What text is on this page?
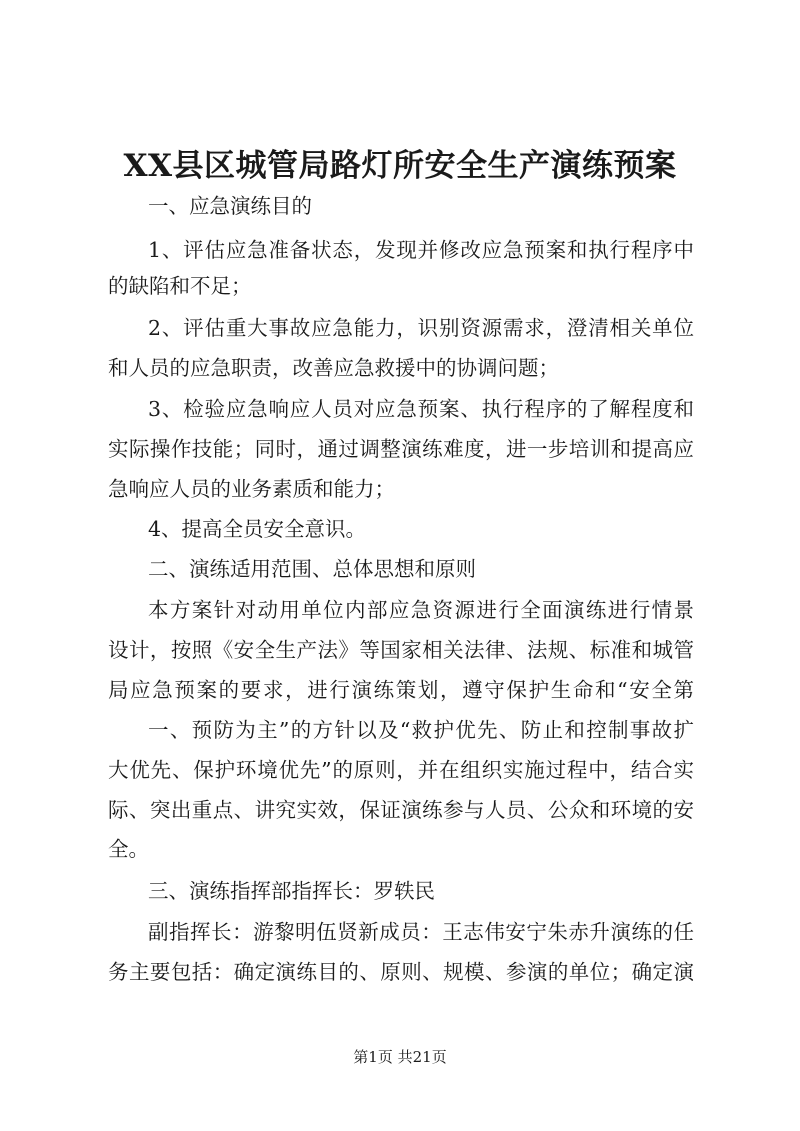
XX县区城管局路灯所安全生产演练预案
一、应急演练目的
1、评估应急准备状态，发现并修改应急预案和执行程序中
的缺陷和不足；
2、评估重大事故应急能力，识别资源需求，澄清相关单位
和人员的应急职责，改善应急救援中的协调问题；
3、检验应急响应人员对应急预案、执行程序的了解程度和
实际操作技能；同时，通过调整演练难度，进一步培训和提高应
急响应人员的业务素质和能力；
4、提高全员安全意识。
二、演练适用范围、总体思想和原则
本方案针对动用单位内部应急资源进行全面演练进行情景
设计，按照《安全生产法》等国家相关法律、法规、标准和城管
局应急预案的要求，进行演练策划，遵守保护生命和“安全第
一、预防为主”的方针以及“救护优先、防止和控制事故扩
大优先、保护环境优先”的原则，并在组织实施过程中，结合实
际、突出重点、讲究实效，保证演练参与人员、公众和环境的安
全。
三、演练指挥部指挥长：罗轶民
副指挥长：游黎明伍贤新成员：王志伟安宁朱赤升演练的任
务主要包括：确定演练目的、原则、规模、参演的单位；确定演
第1页 共21页
